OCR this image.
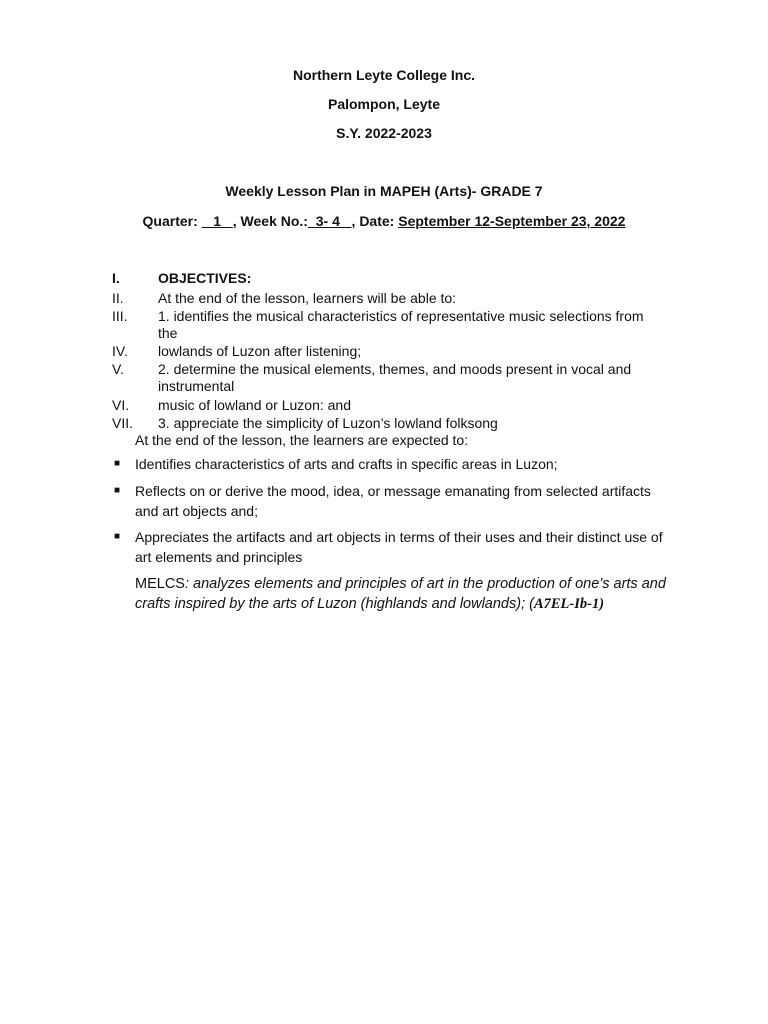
Northern Leyte College Inc.
Palompon, Leyte
S.Y. 2022-2023
Weekly Lesson Plan in MAPEH (Arts)- GRADE 7
Quarter:    1   , Week No.:  3- 4   , Date: September 12-September 23, 2022
I.	OBJECTIVES:
II.	At the end of the lesson, learners will be able to:
III.	1. identifies the musical characteristics of representative music selections from the
IV.	lowlands of Luzon after listening;
V.	2. determine the musical elements, themes, and moods present in vocal and instrumental
VI.	music of lowland or Luzon: and
VII.	3. appreciate the simplicity of Luzon’s lowland folksong
At the end of the lesson, the learners are expected to:
■ Identifies characteristics of arts and crafts in specific areas in Luzon;
■ Reflects on or derive the mood, idea, or message emanating from selected artifacts and art objects and;
■ Appreciates the artifacts and art objects in terms of their uses and their distinct use of art elements and principles
MELCS: analyzes elements and principles of art in the production of one’s arts and crafts inspired by the arts of Luzon (highlands and lowlands); (A7EL-Ib-1)
